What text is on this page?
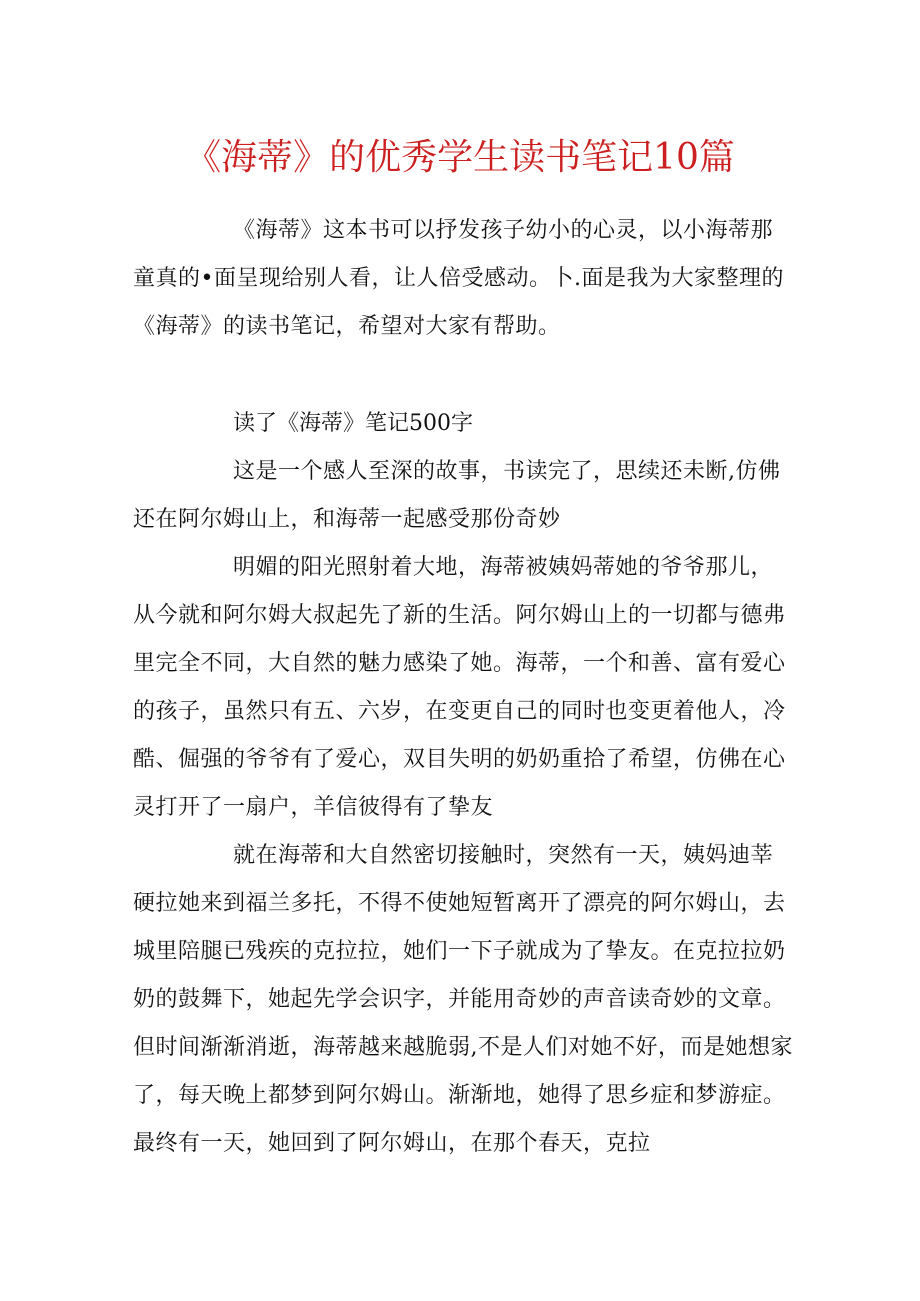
《海蒂》的优秀学生读书笔记10篇

《海蒂》这本书可以抒发孩子幼小的心灵，以小海蒂那童真的•面呈现给别人看，让人倍受感动。卜.面是我为大家整理的《海蒂》的读书笔记，希望对大家有帮助。

读了《海蒂》笔记500字

这是一个感人至深的故事，书读完了，思续还未断,仿佛还在阿尔姆山上，和海蒂一起感受那份奇妙

明媚的阳光照射着大地，海蒂被姨妈蒂她的爷爷那儿，从今就和阿尔姆大叔起先了新的生活。阿尔姆山上的一切都与德弗里完全不同，大自然的魅力感染了她。海蒂，一个和善、富有爱心的孩子，虽然只有五、六岁，在变更自己的同时也变更着他人，冷酷、倔强的爷爷有了爱心，双目失明的奶奶重拾了希望，仿佛在心灵打开了一扇户，羊信彼得有了挚友

就在海蒂和大自然密切接触时，突然有一天，姨妈迪莘硬拉她来到福兰多托，不得不使她短暂离开了漂亮的阿尔姆山，去城里陪腿已残疾的克拉拉，她们一下子就成为了挚友。在克拉拉奶奶的鼓舞下，她起先学会识字，并能用奇妙的声音读奇妙的文章。但时间渐渐消逝，海蒂越来越脆弱,不是人们对她不好，而是她想家了，每天晚上都梦到阿尔姆山。渐渐地，她得了思乡症和梦游症。最终有一天，她回到了阿尔姆山，在那个春天，克拉
